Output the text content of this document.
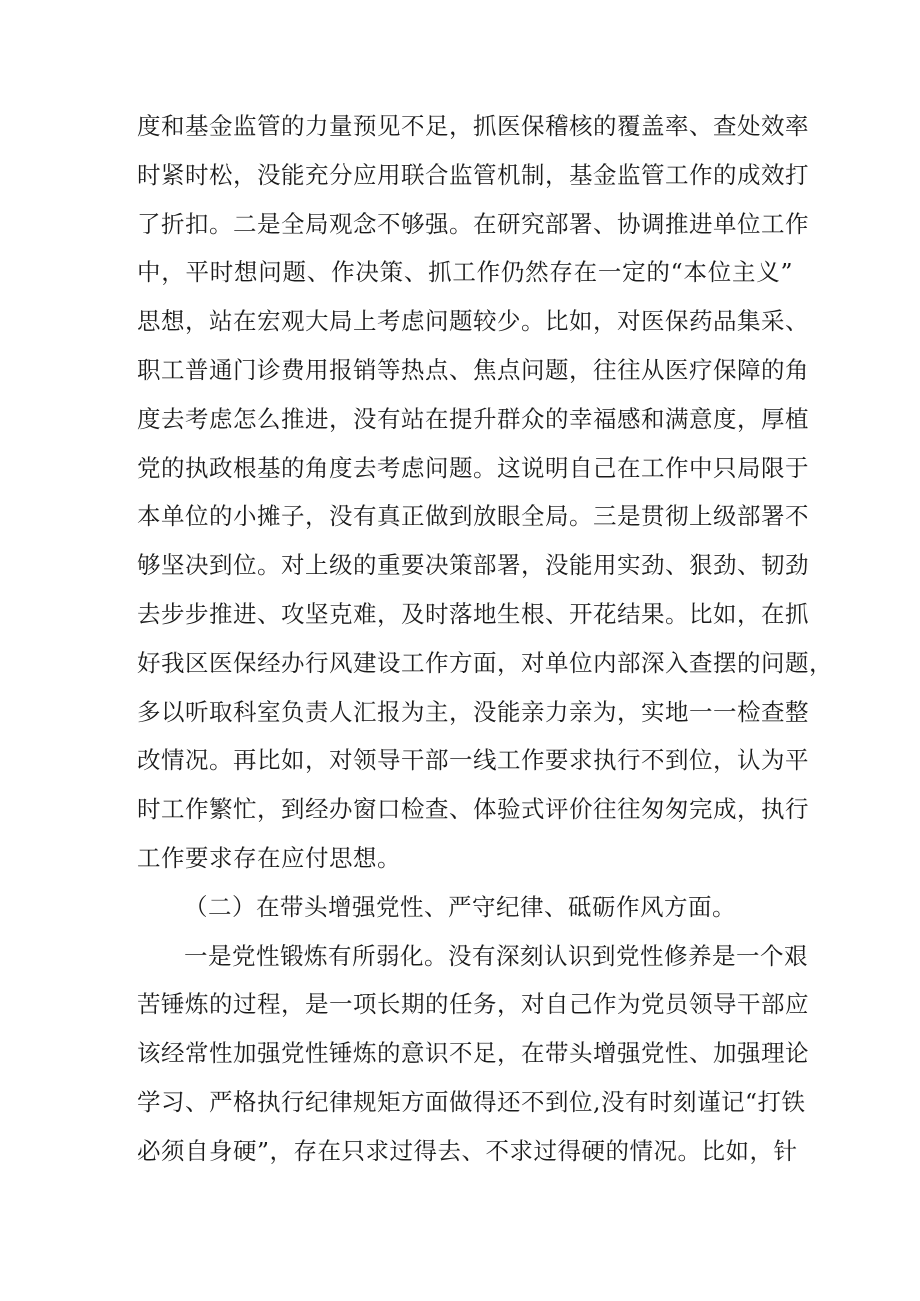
度和基金监管的力量预见不足，抓医保稽核的覆盖率、查处效率
时紧时松，没能充分应用联合监管机制，基金监管工作的成效打
了折扣。二是全局观念不够强。在研究部署、协调推进单位工作
中，平时想问题、作决策、抓工作仍然存在一定的“本位主义”
思想，站在宏观大局上考虑问题较少。比如，对医保药品集采、
职工普通门诊费用报销等热点、焦点问题，往往从医疗保障的角
度去考虑怎么推进，没有站在提升群众的幸福感和满意度，厚植
党的执政根基的角度去考虑问题。这说明自己在工作中只局限于
本单位的小摊子，没有真正做到放眼全局。三是贯彻上级部署不
够坚决到位。对上级的重要决策部署，没能用实劲、狠劲、韧劲
去步步推进、攻坚克难，及时落地生根、开花结果。比如，在抓
好我区医保经办行风建设工作方面，对单位内部深入查摆的问题，
多以听取科室负责人汇报为主，没能亲力亲为，实地一一检查整
改情况。再比如，对领导干部一线工作要求执行不到位，认为平
时工作繁忙，到经办窗口检查、体验式评价往往匆匆完成，执行
工作要求存在应付思想。
（二）在带头增强党性、严守纪律、砥砺作风方面。
一是党性锻炼有所弱化。没有深刻认识到党性修养是一个艰
苦锤炼的过程，是一项长期的任务，对自己作为党员领导干部应
该经常性加强党性锤炼的意识不足，在带头增强党性、加强理论
学习、严格执行纪律规矩方面做得还不到位,没有时刻谨记“打铁
必须自身硬”，存在只求过得去、不求过得硬的情况。比如，针
